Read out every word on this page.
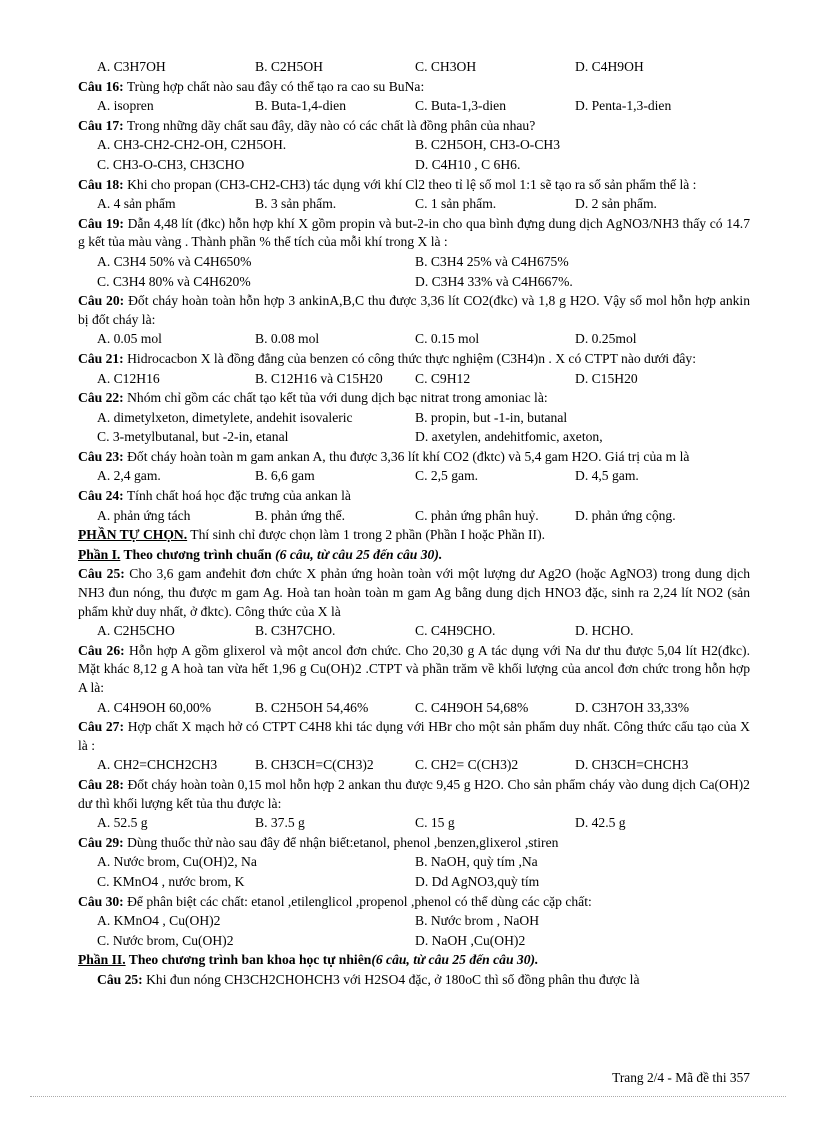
A. C3H7OH	B. C2H5OH	C. CH3OH	D. C4H9OH
Câu 16: Trùng hợp chất nào sau đây có thể tạo ra cao su BuNa:
A. isopren	B. Buta-1,4-dien	C. Buta-1,3-dien	D. Penta-1,3-dien
Câu 17: Trong những dãy chất sau đây, dãy nào có các chất là đồng phân của nhau?
A. CH3-CH2-CH2-OH, C2H5OH.	B. C2H5OH, CH3-O-CH3
C. CH3-O-CH3, CH3CHO	D. C4H10 , C 6H6.
Câu 18: Khi cho propan (CH3-CH2-CH3) tác dụng với khí Cl2 theo tỉ lệ số mol 1:1 sẽ tạo ra số sản phẩm thế là :
A. 4 sản phẩm	B. 3 sản phẩm.	C. 1 sản phẩm.	D. 2 sản phẩm.
Câu 19: Dẫn 4,48 lít (đkc) hỗn hợp khí X gồm propin và but-2-in cho qua bình đựng dung dịch AgNO3/NH3 thấy có 14.7 g kết tủa màu vàng . Thành phần % thể tích của mỗi khí trong X là :
A. C3H4 50% và C4H650%	B. C3H4 25% và C4H675%
C. C3H4 80% và C4H620%	D. C3H4 33% và C4H667%.
Câu 20: Đốt cháy hoàn toàn hỗn hợp 3 ankinA,B,C thu được 3,36 lít CO2(đkc) và 1,8 g H2O. Vậy số mol hỗn hợp ankin bị đốt cháy là:
A. 0.05 mol	B. 0.08 mol	C. 0.15 mol	D. 0.25mol
Câu 21: Hidrocacbon X là đồng đẳng của benzen có công thức thực nghiệm (C3H4)n . X có CTPT nào dưới đây:
A. C12H16	B. C12H16 và C15H20	C. C9H12	D. C15H20
Câu 22: Nhóm chỉ gồm các chất tạo kết tủa với dung dịch bạc nitrat trong amoniac là:
A. dimetylxeton, dimetylete, andehit isovaleric	B. propin, but -1-in, butanal
C. 3-metylbutanal, but -2-in, etanal	D. axetylen, andehitfomic, axeton,
Câu 23: Đốt cháy hoàn toàn m gam ankan A, thu được 3,36 lít khí CO2 (đktc) và 5,4 gam H2O. Giá trị của m là
A. 2,4 gam.	B. 6,6 gam	C. 2,5 gam.	D. 4,5 gam.
Câu 24: Tính chất hoá học đặc trưng của ankan là
A. phản ứng tách	B. phản ứng thế.	C. phản ứng phân huỷ.	D. phản ứng cộng.
PHẦN TỰ CHỌN. Thí sinh chỉ được chọn làm 1 trong 2 phần (Phần I hoặc Phần II).
Phần I. Theo chương trình chuẩn (6 câu, từ câu 25 đến câu 30).
Câu 25: Cho 3,6 gam anđehit đơn chức X phản ứng hoàn toàn với một lượng dư Ag2O (hoặc AgNO3) trong dung dịch NH3 đun nóng, thu được m gam Ag. Hoà tan hoàn toàn m gam Ag bằng dung dịch HNO3 đặc, sinh ra 2,24 lít NO2 (sản phẩm khử duy nhất, ở đktc). Công thức của X là
A. C2H5CHO	B. C3H7CHO.	C. C4H9CHO.	D. HCHO.
Câu 26: Hỗn hợp A gồm glixerol và một ancol đơn chức. Cho 20,30 g A tác dụng với Na dư thu được 5,04 lít H2(đkc). Mặt khác 8,12 g A hoà tan vừa hết 1,96 g Cu(OH)2 .CTPT và phần trăm về khối lượng của ancol đơn chức trong hỗn hợp A là:
A. C4H9OH 60,00%	B. C2H5OH 54,46%	C. C4H9OH 54,68%	D. C3H7OH 33,33%
Câu 27: Hợp chất X mạch hở có CTPT C4H8 khi tác dụng với HBr cho một sản phẩm duy nhất. Công thức cấu tạo của X là :
A. CH2=CHCH2CH3	B. CH3CH=C(CH3)2	C. CH2= C(CH3)2	D. CH3CH=CHCH3
Câu 28: Đốt cháy hoàn toàn 0,15 mol hỗn hợp 2 ankan thu được 9,45 g H2O. Cho sản phẩm cháy vào dung dịch Ca(OH)2 dư thì khối lượng kết tủa thu được là:
A. 52.5 g	B. 37.5 g	C. 15 g	D. 42.5 g
Câu 29: Dùng thuốc thử nào sau đây để nhận biết:etanol, phenol ,benzen,glixerol ,stiren
A. Nước brom, Cu(OH)2, Na	B. NaOH, quỳ tím ,Na
C. KMnO4 , nước brom, K	D. Dd AgNO3,quỳ tím
Câu 30: Để phân biệt các chất: etanol ,etilenglicol ,propenol ,phenol có thể dùng các cặp chất:
A. KMnO4 , Cu(OH)2	B. Nước brom , NaOH
C. Nước brom, Cu(OH)2	D. NaOH ,Cu(OH)2
Phần II. Theo chương trình ban khoa học tự nhiên(6 câu, từ câu 25 đến câu 30).
Câu 25: Khi đun nóng CH3CH2CHOHCH3 với H2SO4 đặc, ở 180oC thì số đồng phân thu được là
Trang 2/4 - Mã đề thi 357
